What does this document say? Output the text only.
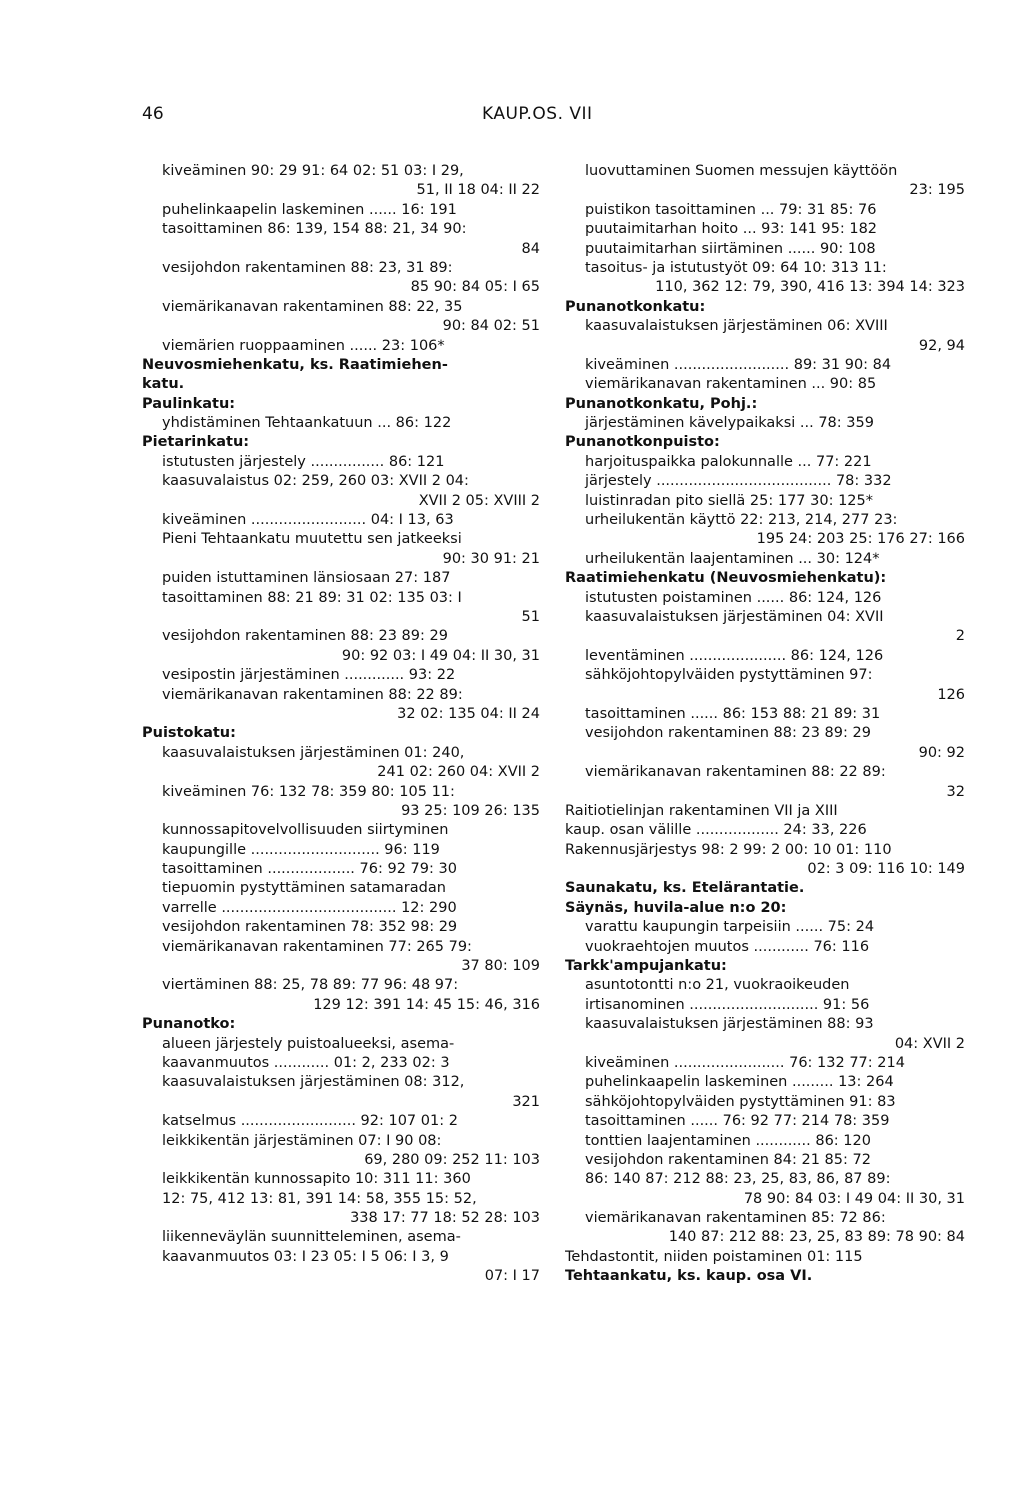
46	KAUP.OS. VII
kiveäminen 90: 29 91: 64 02: 51 03: I 29,
51, II 18 04: II 22
puhelinkaapelin laskeminen ...... 16: 191
tasoittaminen 86: 139, 154 88: 21, 34 90:
84
vesijohdon rakentaminen 88: 23, 31 89:
85 90: 84 05: I 65
viemärikanavan rakentaminen 88: 22, 35
90: 84 02: 51
viemärien ruoppaaminen ...... 23: 106*
Neuvosmiehenkatu, ks. Raatimiehen-
katu.
Paulinkatu:
yhdistäminen Tehtaankatuun ... 86: 122
Pietarinkatu:
istutusten järjestely ................ 86: 121
kaasuvalaistus 02: 259, 260 03: XVII 2 04:
XVII 2 05: XVIII 2
kiveäminen ......................... 04: I 13, 63
Pieni Tehtaankatu muutettu sen jatkeeksi
90: 30 91: 21
puiden istuttaminen länsiosaan 27: 187
tasoittaminen 88: 21 89: 31 02: 135 03: I
51
vesijohdon rakentaminen 88: 23 89: 29
90: 92 03: I 49 04: II 30, 31
vesipostin järjestäminen ............. 93: 22
viemärikanavan rakentaminen 88: 22 89:
32 02: 135 04: II 24
Puistokatu:
kaasuvalaistuksen järjestäminen 01: 240,
241 02: 260 04: XVII 2
kiveäminen 76: 132 78: 359 80: 105 11:
93 25: 109 26: 135
kunnossapitovelvollisuuden siirtyminen
kaupungille ............................ 96: 119
tasoittaminen ................... 76: 92 79: 30
tiepuomin pystyttäminen satamaradan
varrelle ...................................... 12: 290
vesijohdon rakentaminen 78: 352 98: 29
viemärikanavan rakentaminen 77: 265 79:
37 80: 109
viertäminen 88: 25, 78 89: 77 96: 48 97:
129 12: 391 14: 45 15: 46, 316
Punanotko:
alueen järjestely puistoalueeksi, asema-
kaavanmuutos ............ 01: 2, 233 02: 3
kaasuvalaistuksen järjestäminen 08: 312,
321
katselmus ......................... 92: 107 01: 2
leikkikentän järjestäminen 07: I 90 08:
69, 280 09: 252 11: 103
leikkikentän kunnossapito 10: 311 11: 360
12: 75, 412 13: 81, 391 14: 58, 355 15: 52,
338 17: 77 18: 52 28: 103
liikenneväylän suunnitteleminen, asema-
kaavanmuutos 03: I 23 05: I 5 06: I 3, 9
07: I 17
luovuttaminen Suomen messujen käyttöön
23: 195
puistikon tasoittaminen ... 79: 31 85: 76
puutaimitarhan hoito ... 93: 141 95: 182
puutaimitarhan siirtäminen ...... 90: 108
tasoitus- ja istutustyöt 09: 64 10: 313 11:
110, 362 12: 79, 390, 416 13: 394 14: 323
Punanotkonkatu:
kaasuvalaistuksen järjestäminen 06: XVIII
92, 94
kiveäminen ......................... 89: 31 90: 84
viemärikanavan rakentaminen ... 90: 85
Punanotkonkatu, Pohj.:
järjestäminen kävelypaikaksi ... 78: 359
Punanotkonpuisto:
harjoituspaikka palokunnalle ... 77: 221
järjestely ...................................... 78: 332
luistinradan pito siellä 25: 177 30: 125*
urheilukentän käyttö 22: 213, 214, 277 23:
195 24: 203 25: 176 27: 166
urheilukentän laajentaminen ... 30: 124*
Raatimiehenkatu (Neuvosmiehenkatu):
istutusten poistaminen ...... 86: 124, 126
kaasuvalaistuksen järjestäminen 04: XVII
2
leventäminen ..................... 86: 124, 126
sähköjohtopylväiden pystyttäminen 97:
126
tasoittaminen ...... 86: 153 88: 21 89: 31
vesijohdon rakentaminen 88: 23 89: 29
90: 92
viemärikanavan rakentaminen 88: 22 89:
32
Raitiotielinjan rakentaminen VII ja XIII
kaup. osan välille .................. 24: 33, 226
Rakennusjärjestys 98: 2 99: 2 00: 10 01: 110
02: 3 09: 116 10: 149
Saunakatu, ks. Etelärantatie.
Säynäs, huvila-alue n:o 20:
varattu kaupungin tarpeisiin ...... 75: 24
vuokraehtojen muutos ............ 76: 116
Tarkk'ampujankatu:
asuntotontti n:o 21, vuokraoikeuden
irtisanominen ............................ 91: 56
kaasuvalaistuksen järjestäminen 88: 93
04: XVII 2
kiveäminen ........................ 76: 132 77: 214
puhelinkaapelin laskeminen ......... 13: 264
sähköjohtopylväiden pystyttäminen 91: 83
tasoittaminen ...... 76: 92 77: 214 78: 359
tonttien laajentaminen ............ 86: 120
vesijohdon rakentaminen 84: 21 85: 72
86: 140 87: 212 88: 23, 25, 83, 86, 87 89:
78 90: 84 03: I 49 04: II 30, 31
viemärikanavan rakentaminen 85: 72 86:
140 87: 212 88: 23, 25, 83 89: 78 90: 84
Tehdastontit, niiden poistaminen 01: 115
Tehtaankatu, ks. kaup. osa VI.
